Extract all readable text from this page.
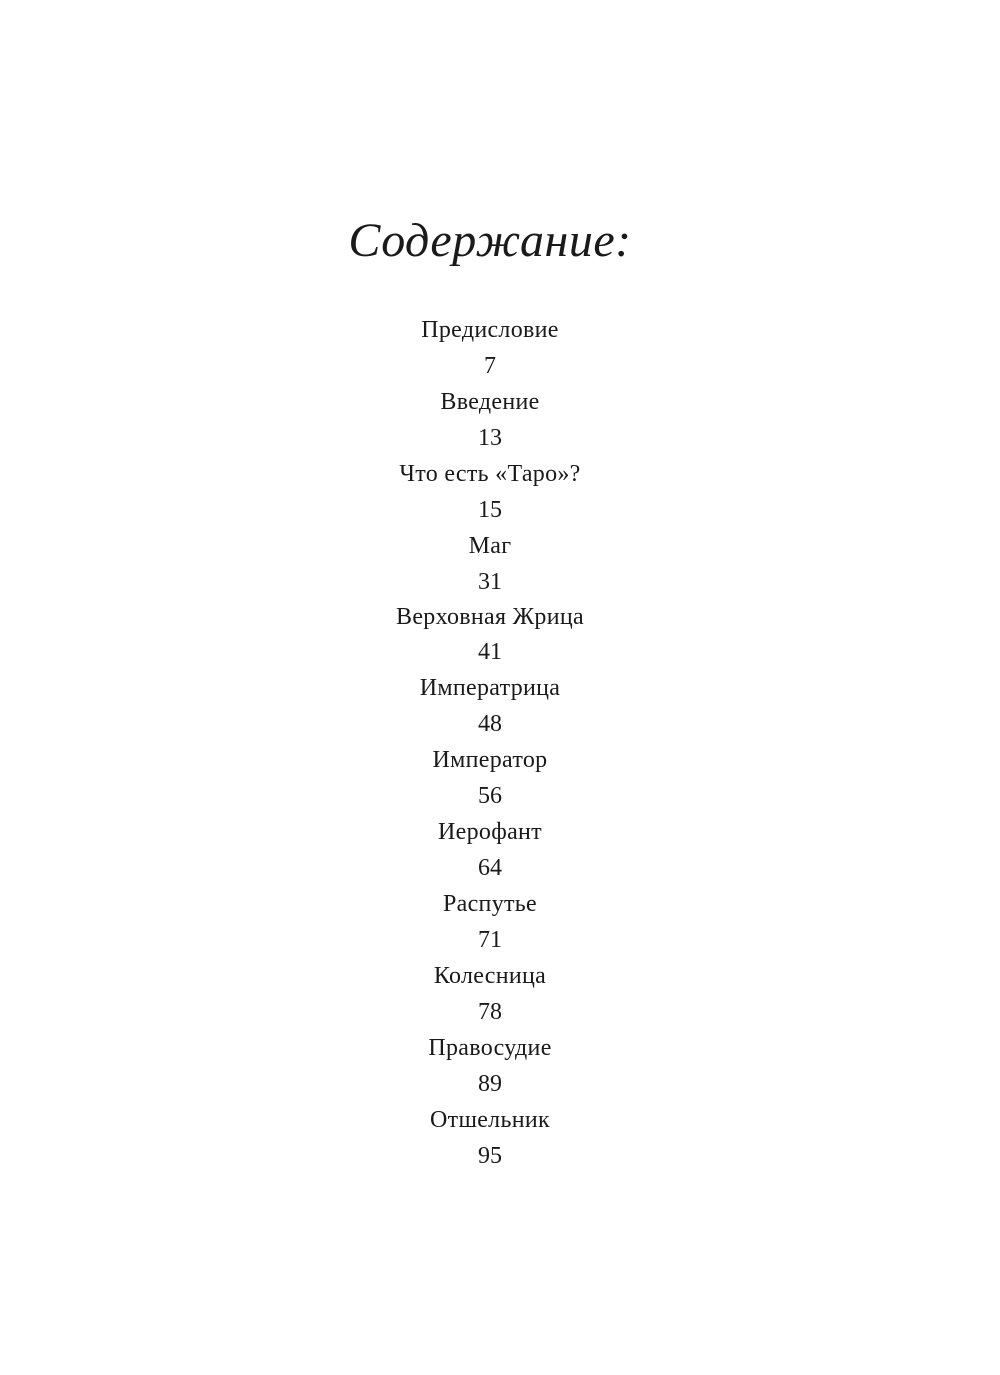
Содержание:
Предисловие
7
Введение
13
Что есть «Таро»?
15
Маг
31
Верховная Жрица
41
Императрица
48
Император
56
Иерофант
64
Распутье
71
Колесница
78
Правосудие
89
Отшельник
95
